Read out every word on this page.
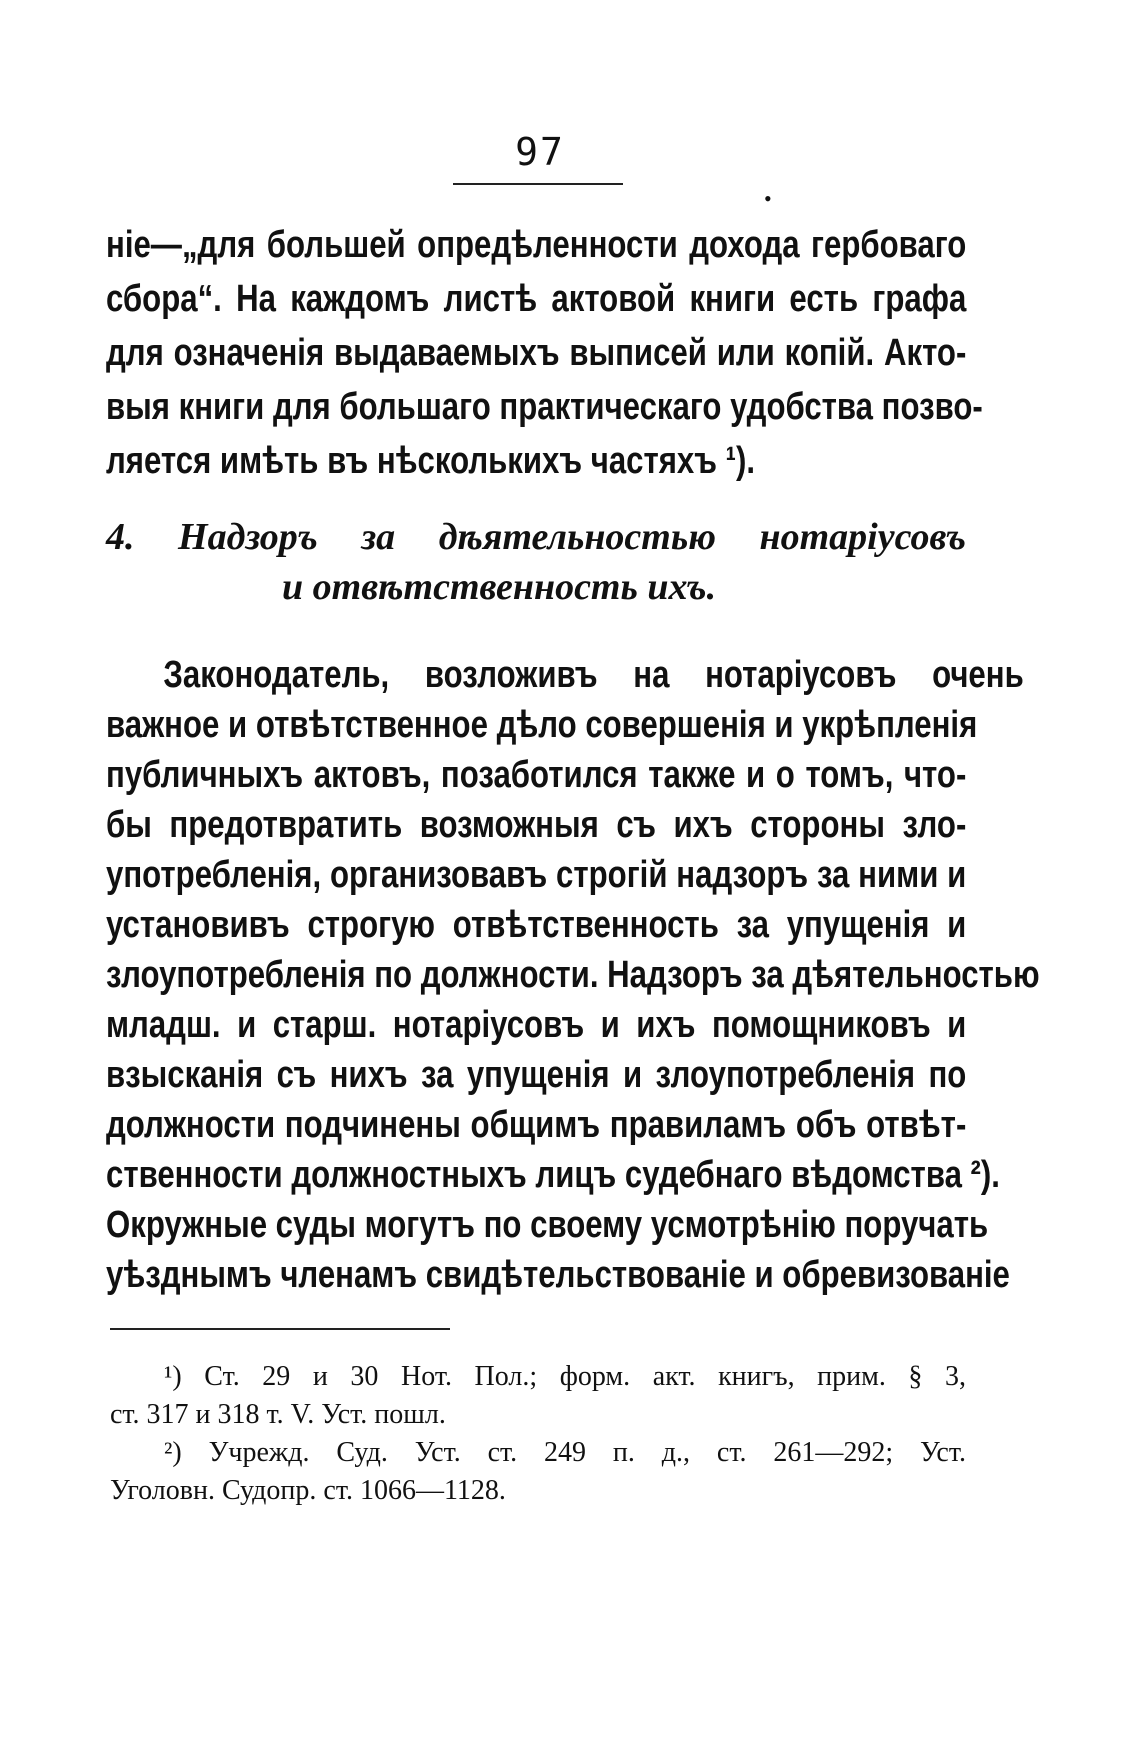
97
•
ніе—„для большей опредѣленности дохода гербоваго
сбора“. На каждомъ листѣ актовой книги есть графа
для означенія выдаваемыхъ выписей или копій. Акто-
выя книги для большаго практическаго удобства позво-
ляется имѣть въ нѣсколькихъ частяхъ ¹).
4. Надзоръ за дѣятельностью нотаріусовъ
и отвѣтственность ихъ.
Законодатель, возложивъ на нотаріусовъ очень
важное и отвѣтственное дѣло совершенія и укрѣпленія
публичныхъ актовъ, позаботился также и о томъ, что-
бы предотвратить возможныя съ ихъ стороны зло-
употребленія, организовавъ строгій надзоръ за ними и
установивъ строгую отвѣтственность за упущенія и
злоупотребленія по должности. Надзоръ за дѣятельностью
младш. и старш. нотаріусовъ и ихъ помощниковъ и
взысканія съ нихъ за упущенія и злоупотребленія по
должности подчинены общимъ правиламъ объ отвѣт-
ственности должностныхъ лицъ судебнаго вѣдомства ²).
Окружные суды могутъ по своему усмотрѣнію поручать
уѣзднымъ членамъ свидѣтельствованіе и обревизованіе
¹) Ст. 29 и 30 Нот. Пол.; форм. акт. книгъ, прим. § 3,
ст. 317 и 318 т. V. Уст. пошл.
²) Учрежд. Суд. Уст. ст. 249 п. д., ст. 261—292; Уст.
Уголовн. Судопр. ст. 1066—1128.
